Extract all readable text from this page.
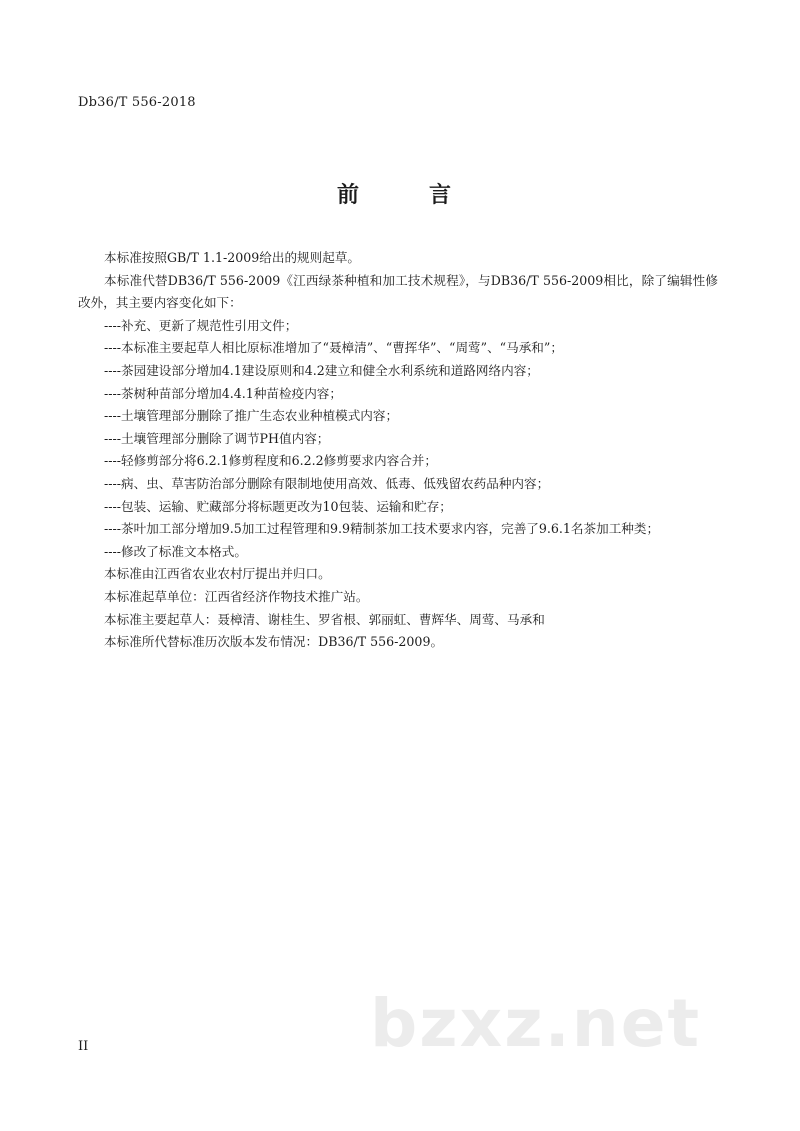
Db36/T 556-2018
前　言

本标准按照GB/T 1.1-2009给出的规则起草。

本标准代替DB36/T 556-2009《江西绿茶种植和加工技术规程》，与DB36/T 556-2009相比，除了编辑性修改外，其主要内容变化如下：

----补充、更新了规范性引用文件；

----本标准主要起草人相比原标准增加了“聂樟清”、“曹挥华”、“周莺”、“马承和”；

----茶园建设部分增加4.1建设原则和4.2建立和健全水利系统和道路网络内容；

----茶树种苗部分增加4.4.1种苗检疫内容；

----土壤管理部分删除了推广生态农业种植模式内容；

----土壤管理部分删除了调节PH值内容；

----轻修剪部分将6.2.1修剪程度和6.2.2修剪要求内容合并；

----病、虫、草害防治部分删除有限制地使用高效、低毒、低残留农药品种内容；

----包装、运输、贮藏部分将标题更改为10包装、运输和贮存；

----茶叶加工部分增加9.5加工过程管理和9.9精制茶加工技术要求内容，完善了9.6.1名茶加工种类；

----修改了标准文本格式。

本标准由江西省农业农村厅提出并归口。

本标准起草单位：江西省经济作物技术推广站。

本标准主要起草人：聂樟清、谢桂生、罗省根、郭丽虹、曹辉华、周莺、马承和

本标准所代替标准历次版本发布情况：DB36/T 556-2009。

bzxz.net
II
